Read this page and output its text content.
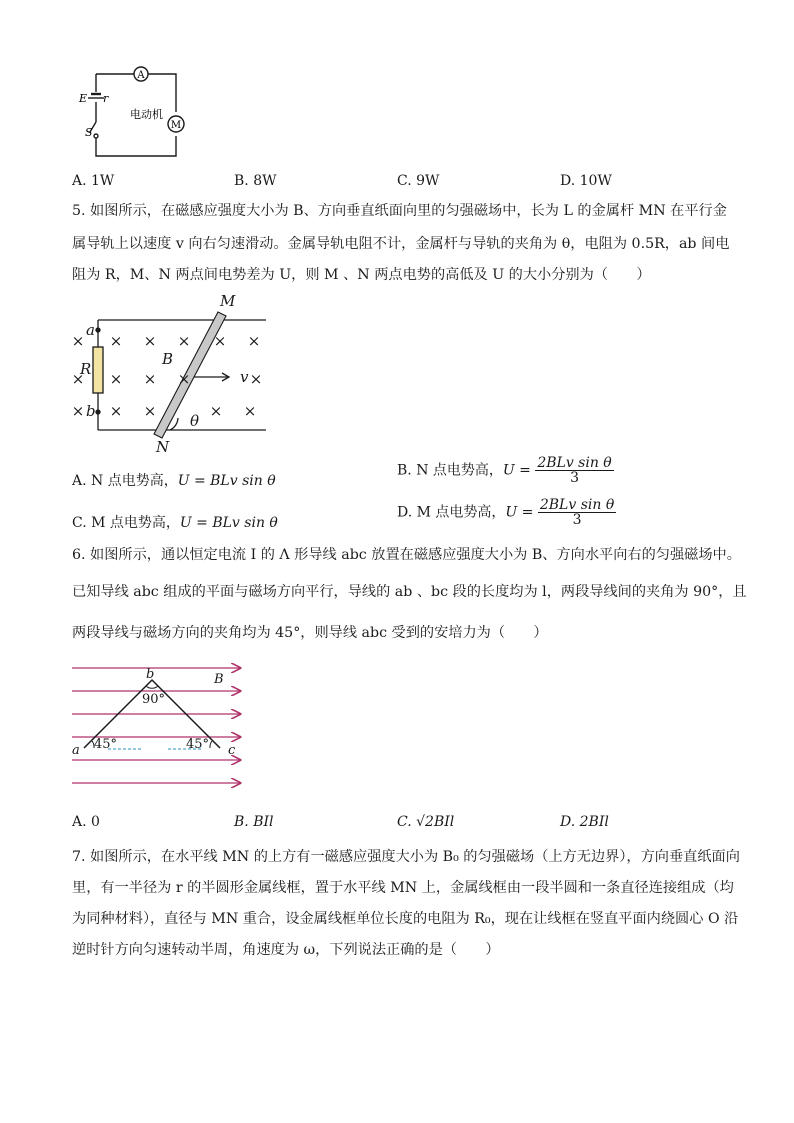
A
M
电动机
E r
S
A. 1W	B. 8W	C. 9W	D. 10W
5. 如图所示，在磁感应强度大小为 B、方向垂直纸面向里的匀强磁场中，长为 L 的金属杆 MN 在平行金
属导轨上以速度 v 向右匀速滑动。金属导轨电阻不计，金属杆与导轨的夹角为 θ，电阻为 0.5R，ab 间电
阻为 R，M、N 两点间电势差为 U，则 M 、N 两点电势的高低及 U 的大小分别为（　　）
× × × × × ×
× × × ×	×
× × ×	× ×
a
b
R
M
N
B
v
θ
A. N 点电势高，U = BLv sin θ
B. N 点电势高，$U = \frac{\text{2BLv sin θ}}{3}$
C. M 点电势高，U = BLv sin θ
D. M 点电势高，$U = \frac{\text{2BLv sin θ}}{3}$
6. 如图所示，通以恒定电流 I 的 Λ 形导线 abc 放置在磁感应强度大小为 B、方向水平向右的匀强磁场中。
已知导线 abc 组成的平面与磁场方向平行，导线的 ab 、bc 段的长度均为 l，两段导线间的夹角为 90°，且
两段导线与磁场方向的夹角均为 45°，则导线 abc 受到的安培力为（　　）
b
a	c
B
90°
45°	45°
A. 0	B. BIl	C. √2BIl	D. 2BIl
7. 如图所示，在水平线 MN 的上方有一磁感应强度大小为 B₀ 的匀强磁场（上方无边界），方向垂直纸面向
里，有一半径为 r 的半圆形金属线框，置于水平线 MN 上，金属线框由一段半圆和一条直径连接组成（均
为同种材料），直径与 MN 重合，设金属线框单位长度的电阻为 R₀，现在让线框在竖直平面内绕圆心 O 沿
逆时针方向匀速转动半周，角速度为 ω，下列说法正确的是（　　）
